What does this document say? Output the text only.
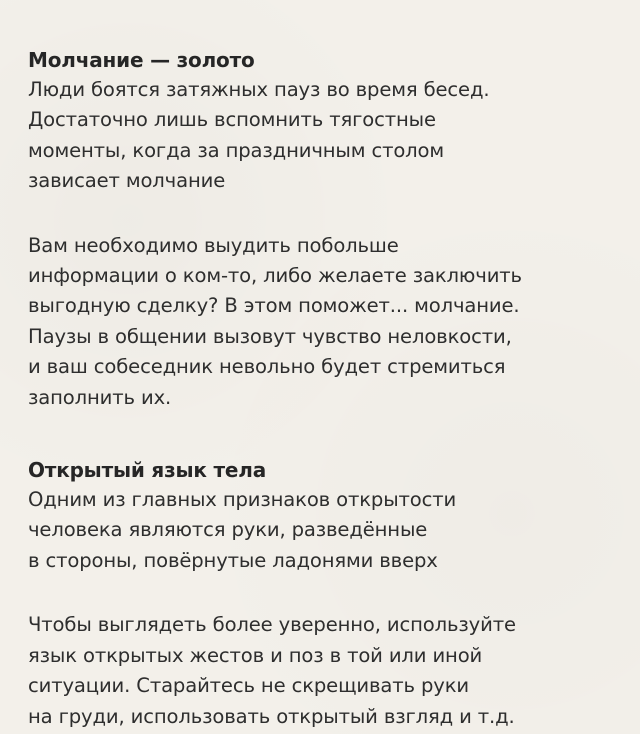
Молчание — золото

Люди боятся затяжных пауз во время бесед.
Достаточно лишь вспомнить тягостные
моменты, когда за праздничным столом
зависает молчание

Вам необходимо выудить побольше
информации о ком-то, либо желаете заключить
выгодную сделку? В этом поможет... молчание.
Паузы в общении вызовут чувство неловкости,
и ваш собеседник невольно будет стремиться
заполнить их.

Открытый язык тела

Одним из главных признаков открытости
человека являются руки, разведённые
в стороны, повёрнутые ладонями вверх

Чтобы выглядеть более уверенно, используйте
язык открытых жестов и поз в той или иной
ситуации. Старайтесь не скрещивать руки
на груди, использовать открытый взгляд и т.д.
